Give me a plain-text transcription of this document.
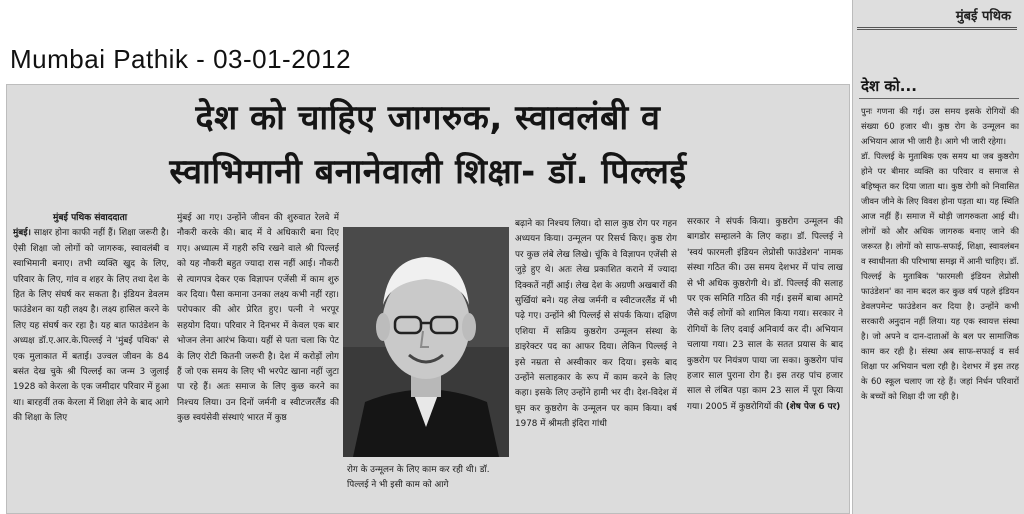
Mumbai Pathik - 03-01-2012
देश को चाहिए जागरुक, स्वावलंबी व
स्वाभिमानी बनानेवाली शिक्षा- डॉ. पिल्लई
मुंबई पथिक संवाददाता
मुंबई। साक्षर होना काफी नहीं हैं। शिक्षा जरूरी है। ऐसी शिक्षा जो लोगों को जागरुक, स्वावलंबी व स्वाभिमानी बनाए। तभी व्यक्ति खुद के लिए, परिवार के लिए, गांव व शहर के लिए तथा देश के हित के लिए संघर्ष कर सकता है। इंडियन डेवलम फाउंडेशन का यही लक्ष्य है। लक्ष्य हासिल करने के लिए यह संघर्ष कर रहा है। यह बात फाउंडेशन के अध्यक्ष डॉ.ए.आर.के.पिल्लई ने 'मुंबई पथिक' से एक मुलाकात में बताई। उज्वल जीवन के 84 बसंत देख चुके श्री पिल्लई का जन्म 3 जुलाई 1928 को केरला के एक जमीदार परिवार में हुआ था। बारहवीं तक केरला में शिक्षा लेने के बाद आगे की शिक्षा के लिए
मुंबई आ गए। उन्होंने जीवन की शुरुवात रेलवे में नौकरी करके की। बाद में वे अधिकारी बना दिए गए। अध्यात्म में गहरी रुचि रखने वाले श्री पिल्लई को यह नौकरी बहुत ज्यादा रास नहीं आई। नौकरी से त्यागपत्र देकर एक विज्ञापन एजेंसी में काम शुरु कर दिया। पैसा कमाना उनका लक्ष्य कभी नहीं रहा। परोपकार की ओर प्रेरित हुए। पत्नी ने भरपूर सहयोग दिया। परिवार ने दिनभर में केवल एक बार भोजन लेना आरंभ किया। यहीं से पता चला कि पेट के लिए रोटी कितनी जरूरी है। देश में करोड़ों लोग हैं जो एक समय के लिए भी भरपेट खाना नहीं जुटा पा रहे हैं। अतः समाज के लिए कुछ करने का निश्चय लिया। उन दिनों जर्मनी व स्वीटजरलैंड की कुछ स्वयंसेवी संस्थाएं भारत में कुष्ठ
रोग के उन्मूलन के लिए काम कर रही थी। डॉ. पिल्लई ने भी इसी काम को आगे
बढ़ाने का निश्चय लिया। दो साल कुष्ठ रोग पर गहन अध्ययन किया। उन्मूलन पर रिसर्च किए। कुष्ठ रोग पर कुछ लंबे लेख लिखे। चूंकि वे विज्ञापन एजेंसी से जुड़े हुए थे। अतः लेख प्रकाशित कराने में ज्यादा दिक्कतें नहीं आई। लेख देश के अग्रणी अखबारों की सुर्खियां बने। यह लेख जर्मनी व स्वीटजरलैंड में भी पढ़े गए। उन्होंने श्री पिल्लई से संपर्क किया। दक्षिण एशिया में सक्रिय कुष्ठरोग उन्मूलन संस्था के डाइरेक्टर पद का आफर दिया। लेकिन पिल्लई ने इसे नम्रता से अस्वीकार कर दिया। इसके बाद उन्होंने सलाहकार के रूप में काम करने के लिए कहा। इसके लिए उन्होंने हामी भर दी। देश-विदेश में घूम कर कुष्ठरोग के उन्मूलन पर काम किया। वर्ष 1978 में श्रीमती इंदिरा गांधी
सरकार ने संपर्क किया। कुष्ठरोग उन्मूलन की बागडोर सम्हालने के लिए कहा। डॉ. पिल्लई ने 'स्वयं फारमली इंडियन लेप्रोसी फाउंडेशन' नामक संस्था गठित की। उस समय देशभर में पांच लाख से भी अधिक कुष्ठरोगी थे। डॉ. पिल्लई की सलाह पर एक समिति गठित की गई। इसमें बाबा आमटे जैसे कई लोगों को शामिल किया गया। सरकार ने रोगियों के लिए दवाई अनिवार्य कर दी। अभियान चलाया गया। 23 साल के सतत प्रयास के बाद कुष्ठरोग पर नियंत्रण पाया जा सका। कुष्ठरोग पांच हजार साल पुराना रोग है। इस तरह पांच हजार साल से लंबित पड़ा काम 23 साल में पूरा किया गया। 2005 में कुष्ठरोगियों की (शेष पेज 6 पर)
मुंबई पथिक
देश को...

पुनः गणना की गई। उस समय इसके रोगियों की संख्या 60 हजार थी। कुष्ठ रोग के उन्मूलन का अभियान आज भी जारी है। आगे भी जारी रहेगा।

डॉ. पिल्लई के मुताबिक एक समय था जब कुष्ठरोग होने पर बीमार व्यक्ति का परिवार व समाज से बहिष्कृत कर दिया जाता था। कुष्ठ रोगी को निवासित जीवन जीने के लिए विवश होना पड़ता था। यह स्थिति आज नहीं हैं। समाज में थोड़ी जागरुकता आई थी। लोगों को और अधिक जागरुक बनाए जाने की जरूरत है। लोगों को साफ-सफाई, शिक्षा, स्वावलंबन व स्वाधीनता की परिभाषा समझ में आनी चाहिए। डॉ. पिल्लई के मुताबिक 'फारमली इंडियन लेप्रोसी फाउंडेशन' का नाम बदल कर कुछ वर्ष पहले इंडियन डेवलपमेन्ट फाउंडेशन कर दिया है। उन्होंने कभी सरकारी अनुदान नहीं लिया। यह एक स्वायत्त संस्था है। जो अपने व दान-दाताओं के बल पर सामाजिक काम कर रही है। संस्था अब साफ-सफाई व सर्व शिक्षा पर अभियान चला रही है। देशभर में इस तरह के 60 स्कूल चलाए जा रहे हैं। जहां निर्धन परिवारों के बच्चों को शिक्षा दी जा रही है।
